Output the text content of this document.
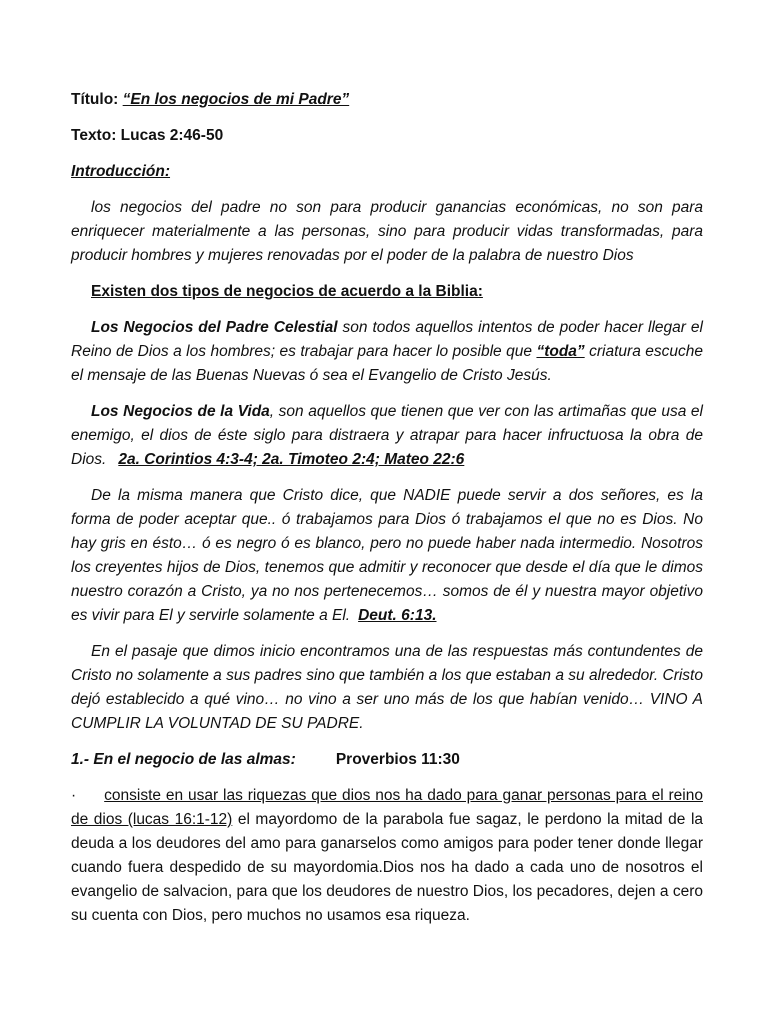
Título: “En los negocios de mi Padre”

Texto: Lucas 2:46-50

Introducción:

los negocios del padre no son para producir ganancias económicas, no son para enriquecer materialmente a las personas, sino para producir vidas transformadas, para producir hombres y mujeres renovadas por el poder de la palabra de nuestro Dios

Existen dos tipos de negocios de acuerdo a la Biblia:

Los Negocios del Padre Celestial son todos aquellos intentos de poder hacer llegar el Reino de Dios a los hombres; es trabajar para hacer lo posible que “toda” criatura escuche el mensaje de las Buenas Nuevas ó sea el Evangelio de Cristo Jesús.

Los Negocios de la Vida, son aquellos que tienen que ver con las artimañas que usa el enemigo, el dios de éste siglo para distraera y atrapar para hacer infructuosa la obra de Dios. 2a. Corintios 4:3-4; 2a. Timoteo 2:4; Mateo 22:6

De la misma manera que Cristo dice, que NADIE puede servir a dos señores, es la forma de poder aceptar que.. ó trabajamos para Dios ó trabajamos el que no es Dios. No hay gris en ésto… ó es negro ó es blanco, pero no puede haber nada intermedio. Nosotros los creyentes hijos de Dios, tenemos que admitir y reconocer que desde el día que le dimos nuestro corazón a Cristo, ya no nos pertenecemos… somos de él y nuestra mayor objetivo es vivir para El y servirle solamente a El. Deut. 6:13.

En el pasaje que dimos inicio encontramos una de las respuestas más contundentes de Cristo no solamente a sus padres sino que también a los que estaban a su alrededor. Cristo dejó establecido a qué vino… no vino a ser uno más de los que habían venido… VINO A CUMPLIR LA VOLUNTAD DE SU PADRE.

1.- En el negocio de las almas:	Proverbios 11:30

· consiste en usar las riquezas que dios nos ha dado para ganar personas para el reino de dios (lucas 16:1-12) el mayordomo de la parabola fue sagaz, le perdono la mitad de la deuda a los deudores del amo para ganarselos como amigos para poder tener donde llegar cuando fuera despedido de su mayordomia.Dios nos ha dado a cada uno de nosotros el evangelio de salvacion, para que los deudores de nuestro Dios, los pecadores, dejen a cero su cuenta con Dios, pero muchos no usamos esa riqueza.
